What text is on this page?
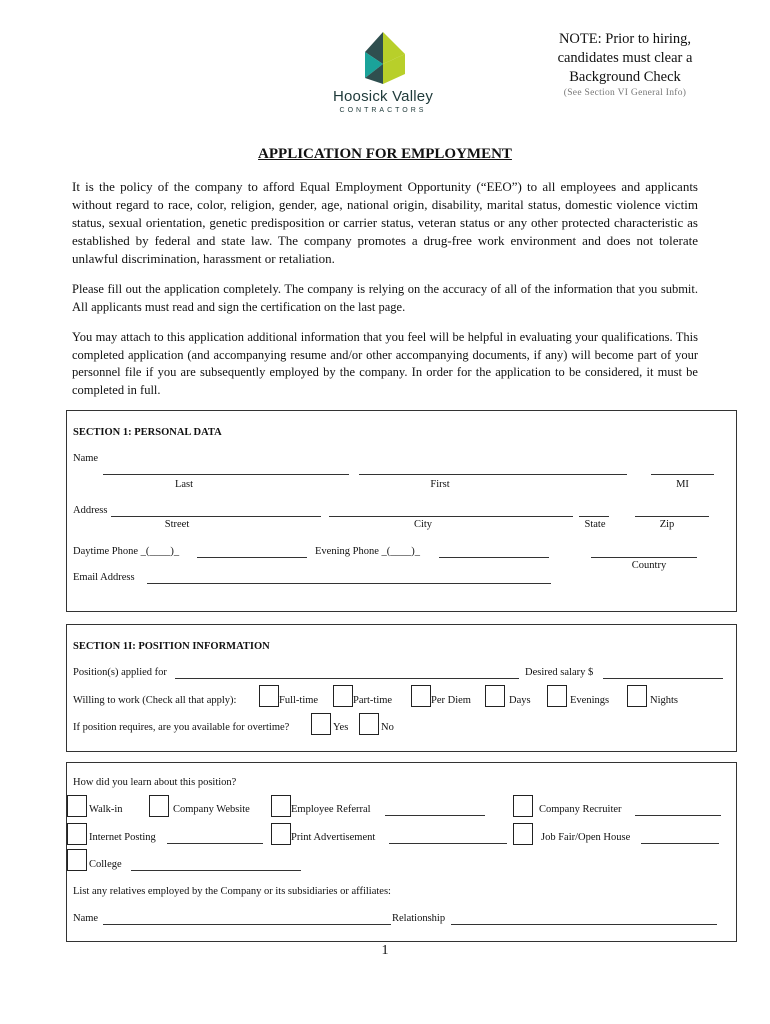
Hoosick Valley
CONTRACTORS
NOTE: Prior to hiring,
candidates must clear a
Background Check
(See Section VI General Info)
APPLICATION FOR EMPLOYMENT
It is the policy of the company to afford Equal Employment Opportunity (“EEO”) to all employees and applicants without regard to race, color, religion, gender, age, national origin, disability, marital status, domestic violence victim status, sexual orientation, genetic predisposition or carrier status, veteran status or any other protected characteristic as established by federal and state law. The company promotes a drug-free work environment and does not tolerate unlawful discrimination, harassment or retaliation.
Please fill out the application completely. The company is relying on the accuracy of all of the information that you submit. All applicants must read and sign the certification on the last page.
You may attach to this application additional information that you feel will be helpful in evaluating your qualifications. This completed application (and accompanying resume and/or other accompanying documents, if any) will become part of your personnel file if you are subsequently employed by the company. In order for the application to be considered, it must be completed in full.
SECTION 1: PERSONAL DATA
Name
Last	First	MI
Address
Street	City	State	Zip
Daytime Phone _(____)_	Evening Phone _(____)_
Country
Email Address
SECTION 1I: POSITION INFORMATION
Position(s) applied for	Desired salary $
Willing to work (Check all that apply):	Full-time	Part-time	Per Diem	Days	Evenings	Nights
If position requires, are you available for overtime?	Yes	No
How did you learn about this position?
Walk-in	Company Website	Employee Referral	Company Recruiter
Internet Posting	Print Advertisement	Job Fair/Open House
College
List any relatives employed by the Company or its subsidiaries or affiliates:
Name	Relationship
1
